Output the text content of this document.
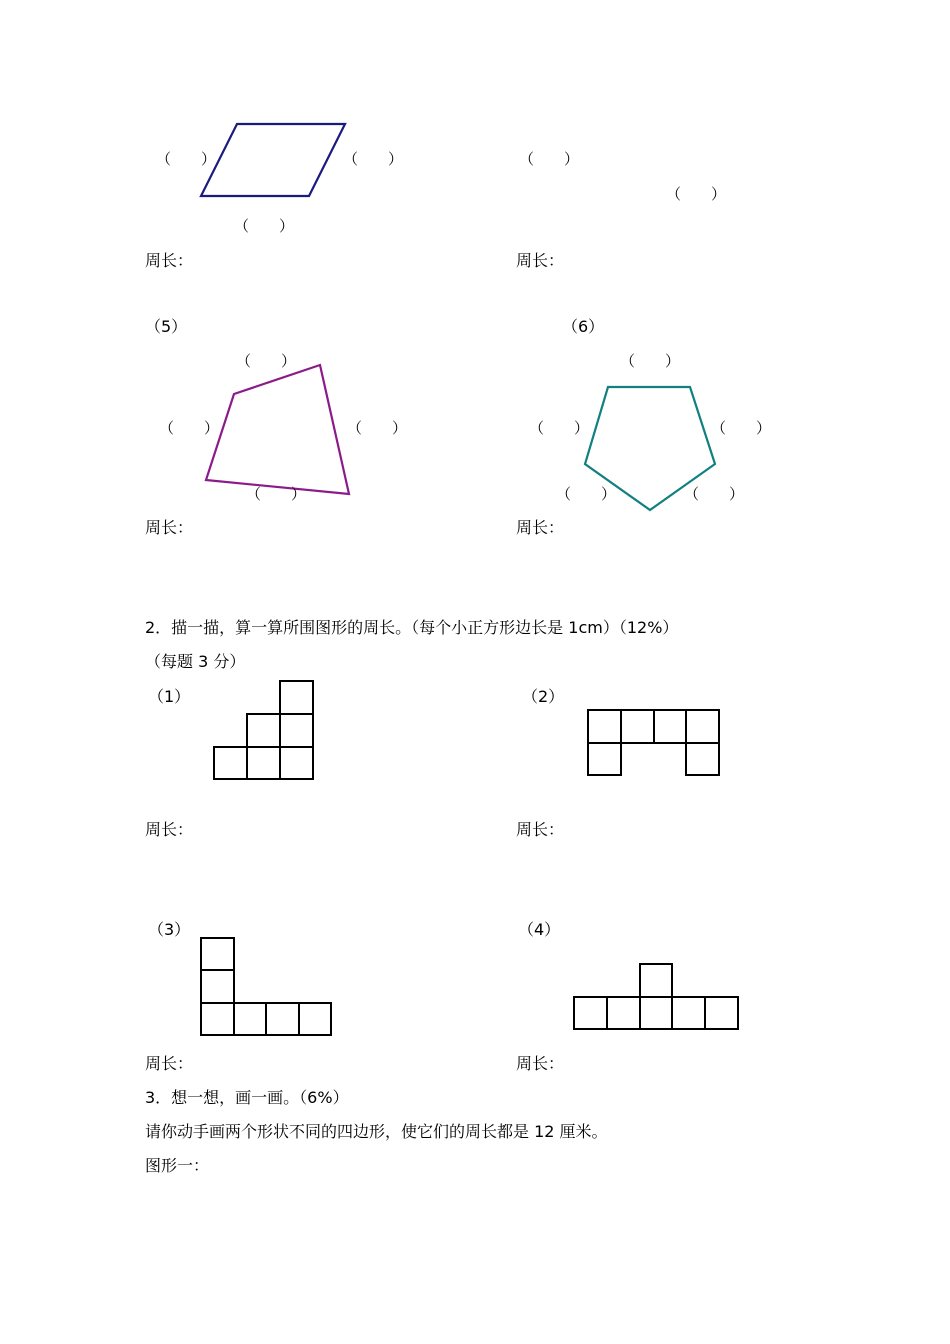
（　　）	（　　）
（　　）
周长：
（　　）
（　　）
周长：
（5）
（　　）
（　　）	（　　）
（　　）
周长：
（6）
（　　）
（　　）	（　　）
（　　）	（　　）
周长：
2．描一描，算一算所围图形的周长。（每个小正方形边长是 1cm）（12%）
（每题 3 分）
（1）	（2）
周长：	周长：
（3）	（4）
周长：	周长：
3．想一想，画一画。（6%）
请你动手画两个形状不同的四边形，使它们的周长都是 12 厘米。
图形一：
